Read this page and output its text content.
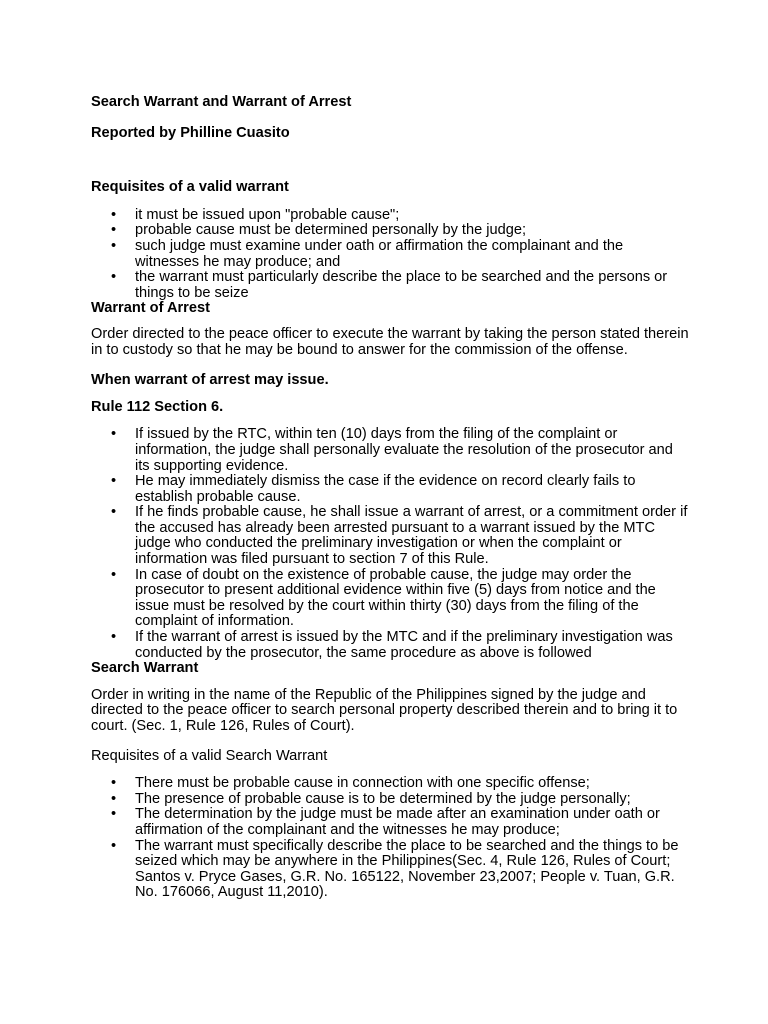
Search Warrant and Warrant of Arrest

Reported by Philline Cuasito

Requisites of a valid warrant

•	it must be issued upon "probable cause";
•	probable cause must be determined personally by the judge;
•	such judge must examine under oath or affirmation the complainant and the witnesses he may produce; and
•	the warrant must particularly describe the place to be searched and the persons or things to be seize

Warrant of Arrest

Order directed to the peace officer to execute the warrant by taking the person stated therein in to custody so that he may be bound to answer for the commission of the offense.

When warrant of arrest may issue.

Rule 112 Section 6.

•	If issued by the RTC, within ten (10) days from the filing of the complaint or information, the judge shall personally evaluate the resolution of the prosecutor and its supporting evidence.
•	He may immediately dismiss the case if the evidence on record clearly fails to establish probable cause.
•	If he finds probable cause, he shall issue a warrant of arrest, or a commitment order if the accused has already been arrested pursuant to a warrant issued by the MTC judge who conducted the preliminary investigation or when the complaint or information was filed pursuant to section 7 of this Rule.
•	In case of doubt on the existence of probable cause, the judge may order the prosecutor to present additional evidence within five (5) days from notice and the issue must be resolved by the court within thirty (30) days from the filing of the complaint of information.
•	If the warrant of arrest is issued by the MTC and if the preliminary investigation was conducted by the prosecutor, the same procedure as above is followed

Search Warrant

Order in writing in the name of the Republic of the Philippines signed by the judge and directed to the peace officer to search personal property described therein and to bring it to court. (Sec. 1, Rule 126, Rules of Court).

Requisites of a valid Search Warrant

•	There must be probable cause in connection with one specific offense;
•	The presence of probable cause is to be determined by the judge personally;
•	The determination by the judge must be made after an examination under oath or affirmation of the complainant and the witnesses he may produce;
•	The warrant must specifically describe the place to be searched and the things to be seized which may be anywhere in the Philippines(Sec. 4, Rule 126, Rules of Court; Santos v. Pryce Gases, G.R. No. 165122, November 23,2007; People v. Tuan, G.R. No. 176066, August 11,2010).
